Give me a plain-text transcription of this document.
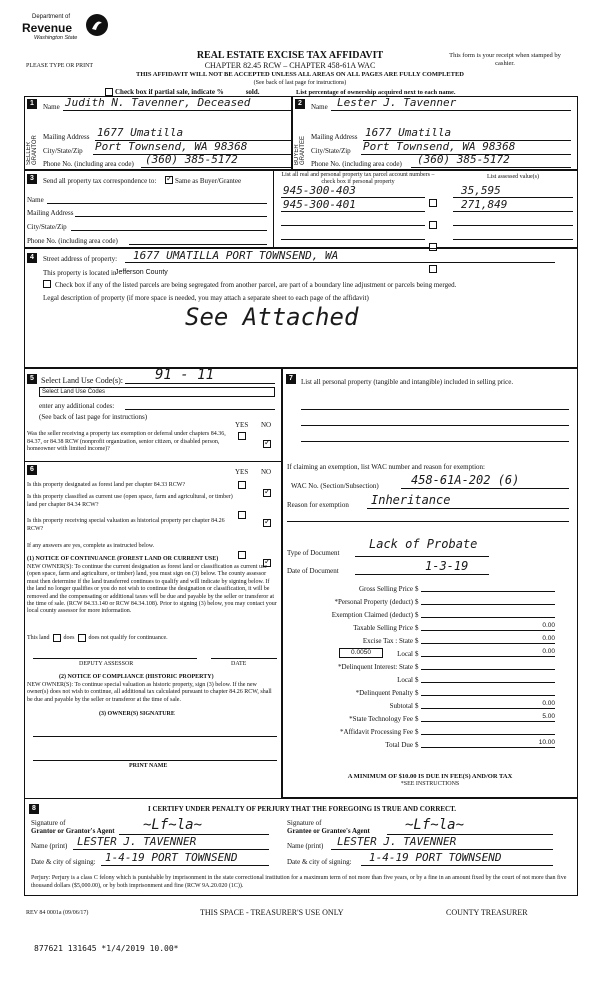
Department of
Revenue
Washington State
PLEASE TYPE OR PRINT
REAL ESTATE EXCISE TAX AFFIDAVIT
CHAPTER 82.45 RCW – CHAPTER 458-61A WAC
THIS AFFIDAVIT WILL NOT BE ACCEPTED UNLESS ALL AREAS ON ALL PAGES ARE FULLY COMPLETED
This form is your receipt when stamped by cashier.
(See back of last page for instructions)
Check box if partial sale, indicate %	sold.	List percentage of ownership acquired next to each name.
1
SELLER GRANTOR
Name Judith N. Tavenner, Deceased
Mailing Address 1677 Umatilla
City/State/Zip Port Townsend, WA 98368
Phone No. (including area code) (360) 385-5172
2
BUYER GRANTEE
Name Lester J. Tavenner
Mailing Address 1677 Umatilla
City/State/Zip Port Townsend, WA 98368
Phone No. (including area code) (360) 385-5172
3	Send all property tax correspondence to:
✓	Same as Buyer/Grantee
Name
Mailing Address
City/State/Zip
Phone No. (including area code)
List all real and personal property tax parcel account numbers – check box if personal property
List assessed value(s)
945-300-403	35,595
945-300-401	271,849
4	Street address of property: 1677 UMATILLA PORT TOWNSEND, WA
This property is located in
Jefferson County
Check box if any of the listed parcels are being segregated from another parcel, are part of a boundary line adjustment or parcels being merged.
Legal description of property (if more space is needed, you may attach a separate sheet to each page of the affidavit)
See Attached
5 Select Land Use Code(s): 91 - 11
Select Land Use Codes
enter any additional codes:
(See back of last page for instructions)
YES NO
Was the seller receiving a property tax exemption or deferral under chapters 84.36, 84.37, or 84.38 RCW (nonprofit organization, senior citizen, or disabled person, homeowner with limited income)?
✓
6	YES NO
Is this property designated as forest land per chapter 84.33 RCW?
✓
Is this property classified as current use (open space, farm and agricultural, or timber) land per chapter 84.34 RCW?
✓
Is this property receiving special valuation as historical property per chapter 84.26 RCW?
✓
If any answers are yes, complete as instructed below.
(1) NOTICE OF CONTINUANCE (FOREST LAND OR CURRENT USE)
NEW OWNER(S): To continue the current designation as forest land or classification as current use (open space, farm and agriculture, or timber) land, you must sign on (3) below. The county assessor must then determine if the land transferred continues to qualify and will indicate by signing below. If the land no longer qualifies or you do not wish to continue the designation or classification, it will be removed and the compensating or additional taxes will be due and payable by the seller or transferor at the time of sale. (RCW 84.33.140 or RCW 84.34.108). Prior to signing (3) below, you may contact your local county assessor for more information.
This land does does not qualify for continuance.
DEPUTY ASSESSOR	DATE
(2) NOTICE OF COMPLIANCE (HISTORIC PROPERTY)
NEW OWNER(S): To continue special valuation as historic property, sign (3) below. If the new owner(s) does not wish to continue, all additional tax calculated pursuant to chapter 84.26 RCW, shall be due and payable by the seller or transferor at the time of sale.
(3) OWNER(S) SIGNATURE
PRINT NAME
7	List all personal property (tangible and intangible) included in selling price.
If claiming an exemption, list WAC number and reason for exemption:
WAC No. (Section/Subsection)	458-61A-202 (6)
Reason for exemption Inheritance
Type of Document
Lack of Probate
Date of Document	1-3-19
Gross Selling Price $
*Personal Property (deduct) $
Exemption Claimed (deduct) $
Taxable Selling Price $	0.00
Excise Tax : State $	0.00
0.0050	Local $	0.00
*Delinquent Interest: State $
Local $
*Delinquent Penalty $
Subtotal $	0.00
*State Technology Fee $	5.00
*Affidavit Processing Fee $
Total Due $	10.00
A MINIMUM OF $10.00 IS DUE IN FEE(S) AND/OR TAX
*SEE INSTRUCTIONS
8	I CERTIFY UNDER PENALTY OF PERJURY THAT THE FOREGOING IS TRUE AND CORRECT.
Signature of
Grantor or Grantor's Agent ~Lf~la~
Name (print) LESTER J. TAVENNER
Date & city of signing: 1-4-19 PORT TOWNSEND
Signature of
Grantee or Grantee's Agent	~Lf~la~
Name (print) LESTER J. TAVENNER
Date & city of signing: 1-4-19 PORT TOWNSEND
Perjury: Perjury is a class C felony which is punishable by imprisonment in the state correctional institution for a maximum term of not more than five years, or by a fine in an amount fixed by the court of not more than five thousand dollars ($5,000.00), or by both imprisonment and fine (RCW 9A.20.020 (1C)).
REV 84 0001a (09/06/17)	THIS SPACE - TREASURER'S USE ONLY	COUNTY TREASURER
877621 131645 *1/4/2019 10.00*
